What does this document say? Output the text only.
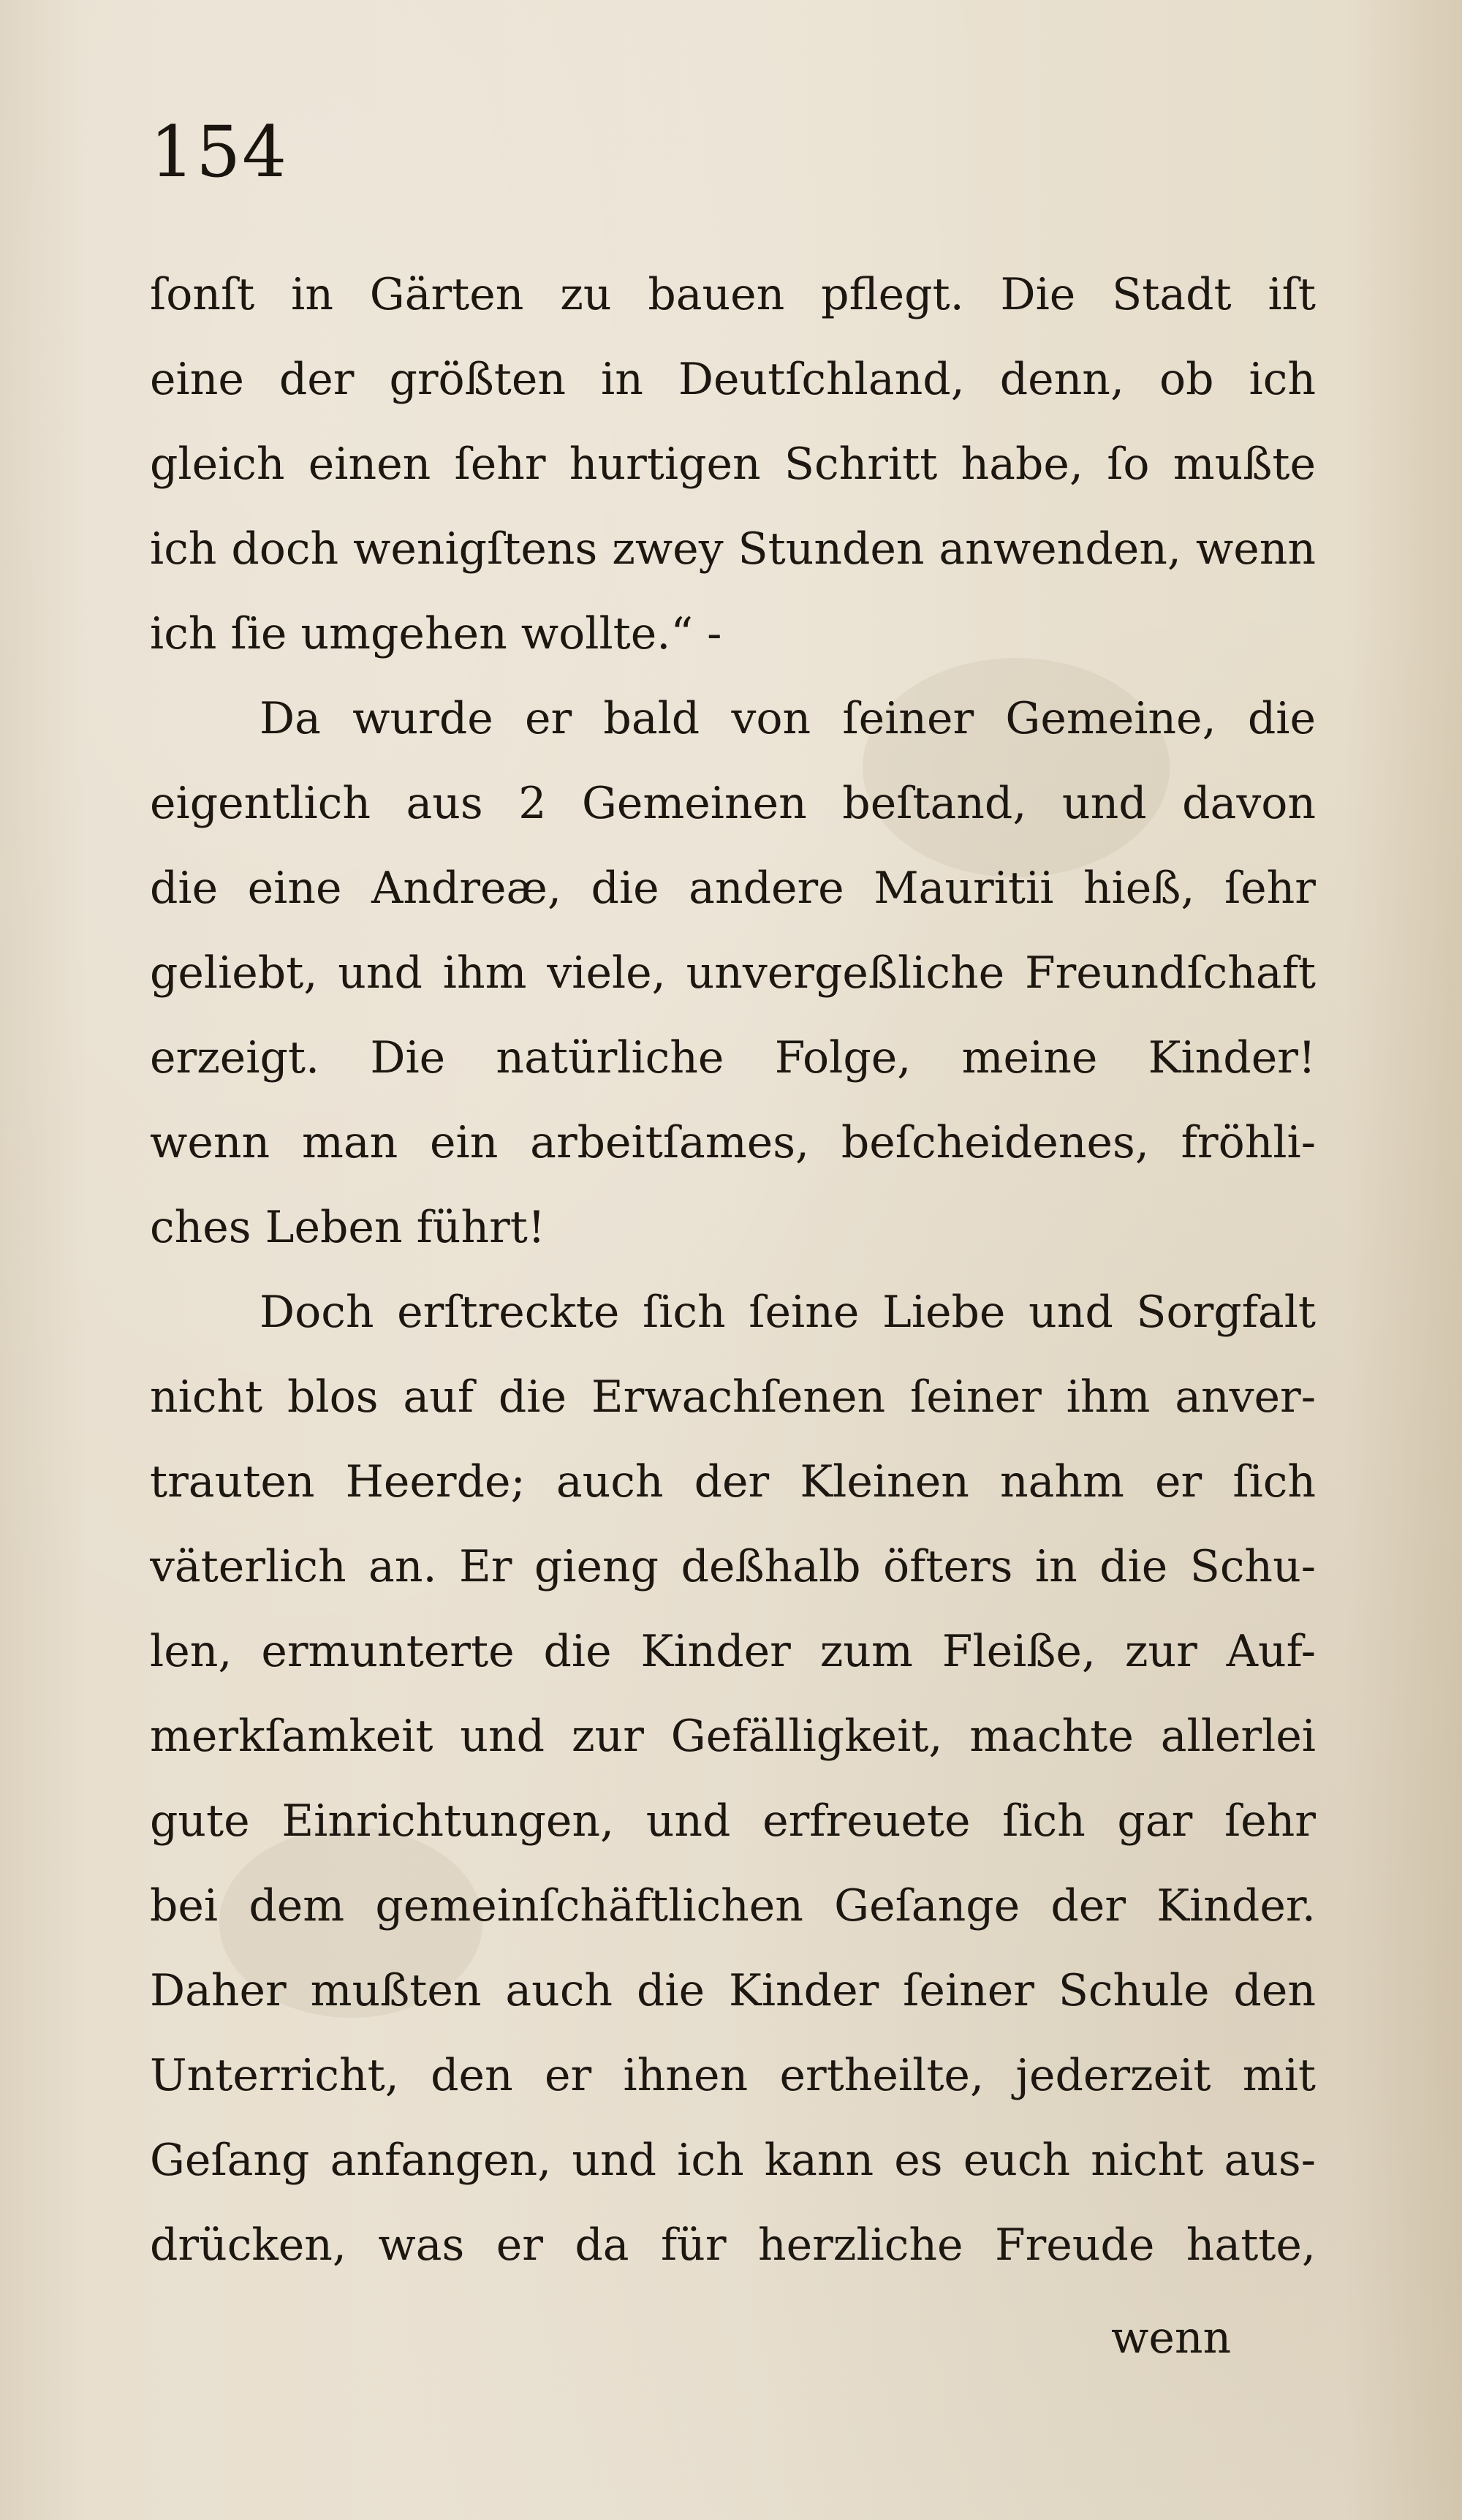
154
ſonſt in Gärten zu bauen pflegt. Die Stadt iſt
eine der größten in Deutſchland, denn, ob ich
gleich einen ſehr hurtigen Schritt habe, ſo mußte
ich doch wenigſtens zwey Stunden anwenden, wenn
ich ſie umgehen wollte.“ -
Da wurde er bald von ſeiner Gemeine, die
eigentlich aus 2 Gemeinen beſtand, und davon
die eine Andreæ, die andere Mauritii hieß, ſehr
geliebt, und ihm viele, unvergeßliche Freundſchaft
erzeigt. Die natürliche Folge, meine Kinder!
wenn man ein arbeitſames, beſcheidenes, fröhli-
ches Leben führt!
Doch erſtreckte ſich ſeine Liebe und Sorgfalt
nicht blos auf die Erwachſenen ſeiner ihm anver-
trauten Heerde; auch der Kleinen nahm er ſich
väterlich an. Er gieng deßhalb öfters in die Schu-
len, ermunterte die Kinder zum Fleiße, zur Auf-
merkſamkeit und zur Gefälligkeit, machte allerlei
gute Einrichtungen, und erfreuete ſich gar ſehr
bei dem gemeinſchäftlichen Geſange der Kinder.
Daher mußten auch die Kinder ſeiner Schule den
Unterricht, den er ihnen ertheilte, jederzeit mit
Geſang anfangen, und ich kann es euch nicht aus-
drücken, was er da für herzliche Freude hatte,
wenn
